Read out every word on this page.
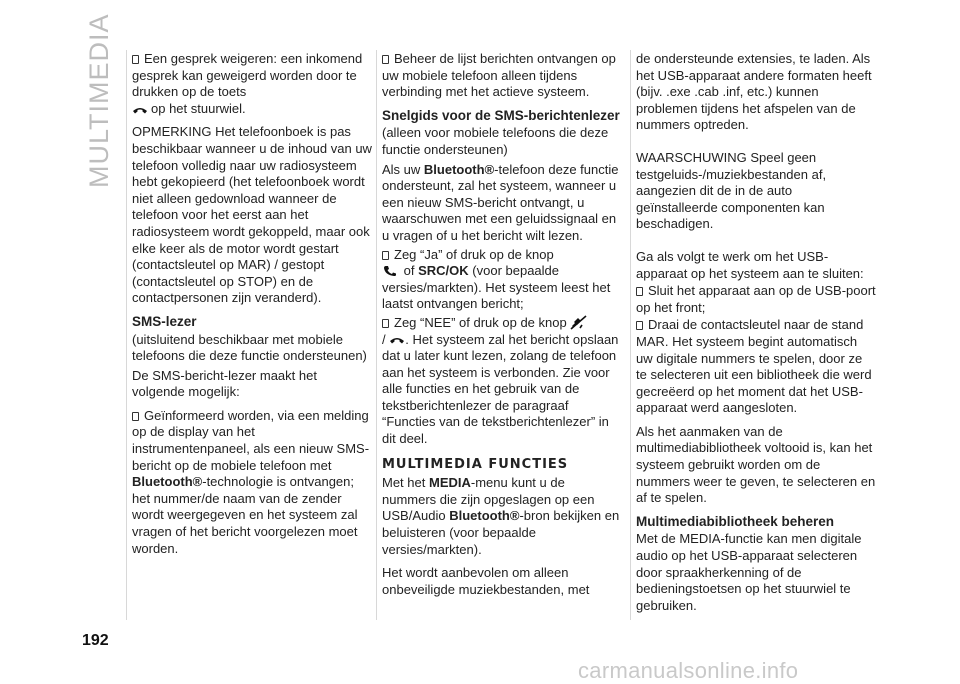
MULTIMEDIA
192

Een gesprek weigeren: een inkomend gesprek kan geweigerd worden door te drukken op de toets
op het stuurwiel.

OPMERKING Het telefoonboek is pas beschikbaar wanneer u de inhoud van uw telefoon volledig naar uw radiosysteem hebt gekopieerd (het telefoonboek wordt niet alleen gedownload wanneer de telefoon voor het eerst aan het radiosysteem wordt gekoppeld, maar ook elke keer als de motor wordt gestart (contactsleutel op MAR) / gestopt (contactsleutel op STOP) en de contactpersonen zijn veranderd).

SMS-lezer

(uitsluitend beschikbaar met mobiele telefoons die deze functie ondersteunen)

De SMS-bericht-lezer maakt het volgende mogelijk:

Geïnformeerd worden, via een melding op de display van het instrumentenpaneel, als een nieuw SMS-bericht op de mobiele telefoon met Bluetooth®-technologie is ontvangen; het nummer/de naam van de zender wordt weergegeven en het systeem zal vragen of het bericht voorgelezen moet worden.

Beheer de lijst berichten ontvangen op uw mobiele telefoon alleen tijdens verbinding met het actieve systeem.

Snelgids voor de SMS-berichtenlezer

(alleen voor mobiele telefoons die deze functie ondersteunen)

Als uw Bluetooth®-telefoon deze functie ondersteunt, zal het systeem, wanneer u een nieuw SMS-bericht ontvangt, u waarschuwen met een geluidssignaal en u vragen of u het bericht wilt lezen.

Zeg “Ja” of druk op de knop
of SRC/OK (voor bepaalde versies/markten). Het systeem leest het laatst ontvangen bericht;

Zeg “NEE” of druk op de knop
/ . Het systeem zal het bericht opslaan dat u later kunt lezen, zolang de telefoon aan het systeem is verbonden. Zie voor alle functies en het gebruik van de tekstberichtenlezer de paragraaf “Functies van de tekstberichtenlezer” in dit deel.

MULTIMEDIA FUNCTIES

Met het MEDIA-menu kunt u de nummers die zijn opgeslagen op een USB/Audio Bluetooth®-bron bekijken en beluisteren (voor bepaalde versies/markten).

Het wordt aanbevolen om alleen onbeveiligde muziekbestanden, met

de ondersteunde extensies, te laden. Als het USB-apparaat andere formaten heeft (bijv. .exe .cab .inf, etc.) kunnen problemen tijdens het afspelen van de nummers optreden.

WAARSCHUWING Speel geen testgeluids-/muziekbestanden af, aangezien dit de in de auto geïnstalleerde componenten kan beschadigen.

Ga als volgt te werk om het USB-apparaat op het systeem aan te sluiten:

Sluit het apparaat aan op de USB-poort op het front;

Draai de contactsleutel naar de stand MAR. Het systeem begint automatisch uw digitale nummers te spelen, door ze te selecteren uit een bibliotheek die werd gecreëerd op het moment dat het USB-apparaat werd aangesloten.

Als het aanmaken van de multimediabibliotheek voltooid is, kan het systeem gebruikt worden om de nummers weer te geven, te selecteren en af te spelen.

Multimediabibliotheek beheren

Met de MEDIA-functie kan men digitale audio op het USB-apparaat selecteren door spraakherkenning of de bedieningstoetsen op het stuurwiel te gebruiken.

carmanualsonline.info
